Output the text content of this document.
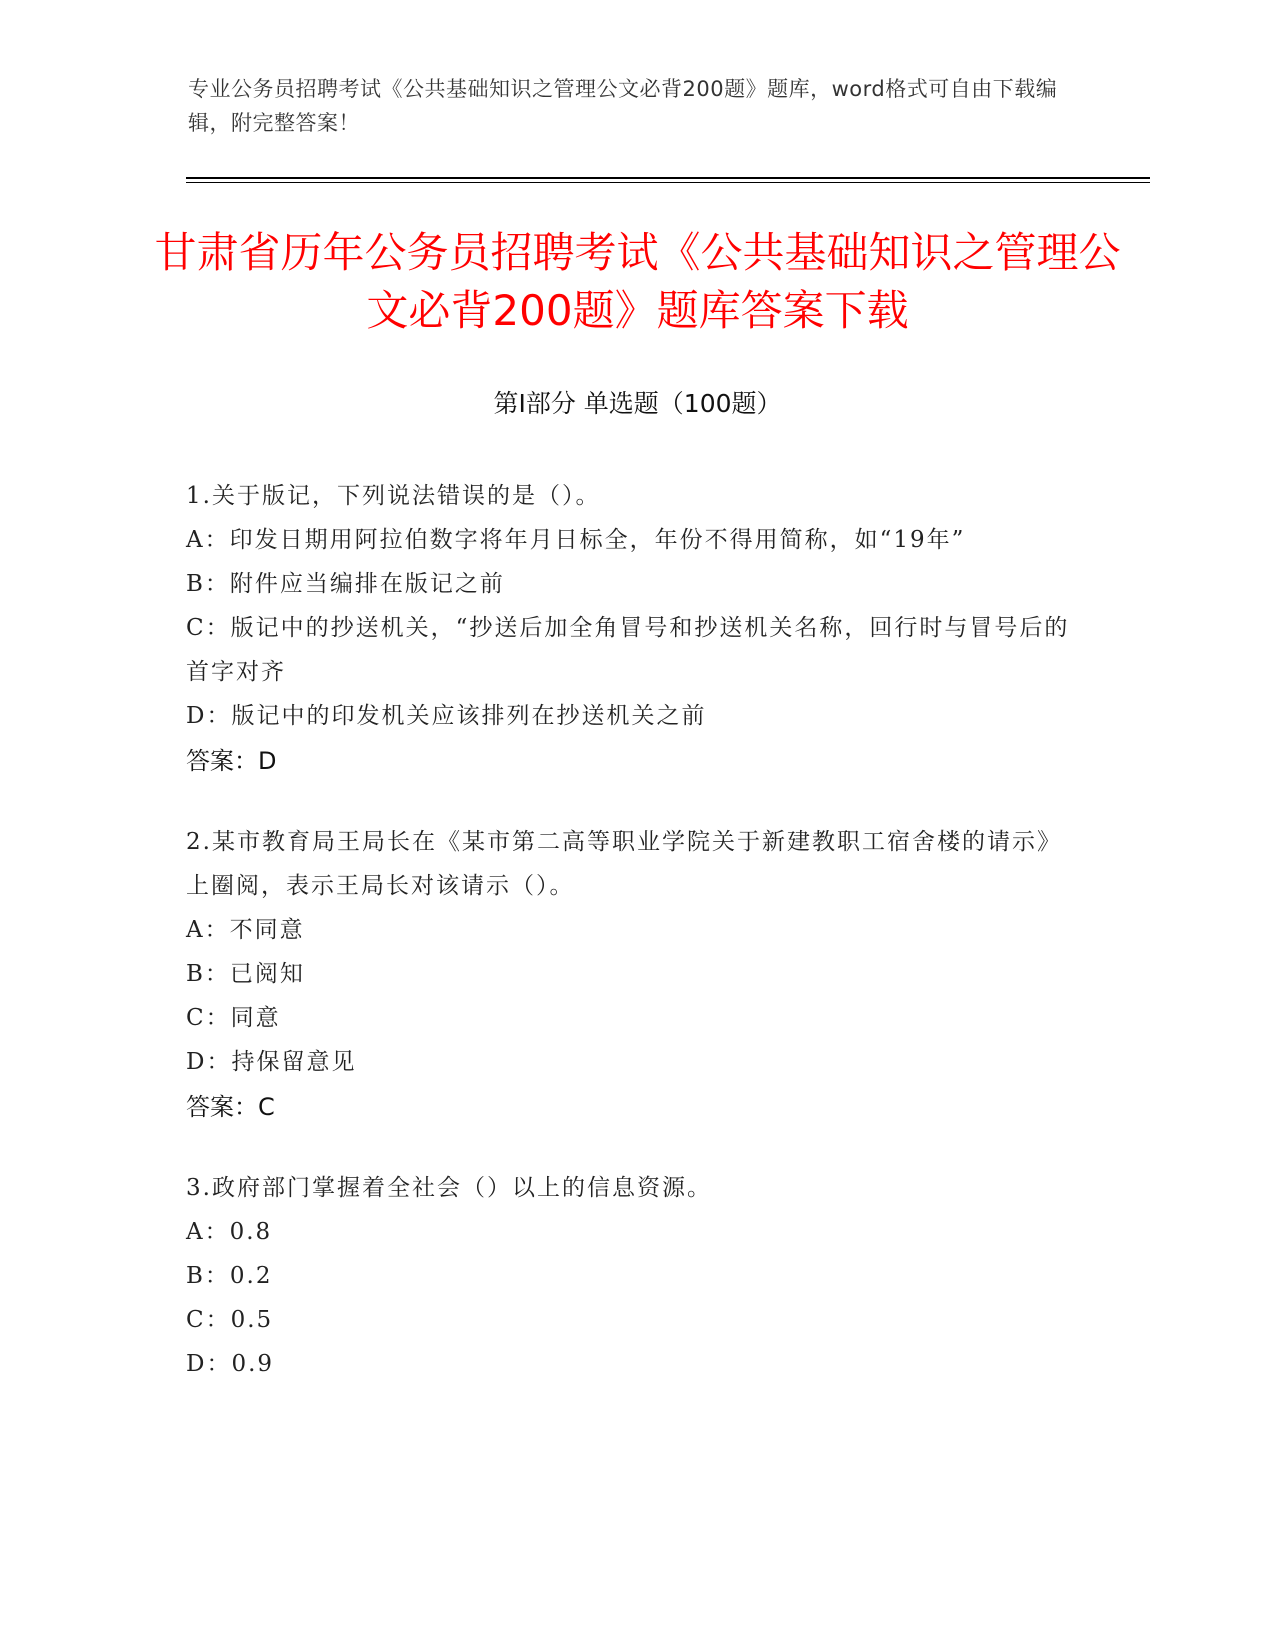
专业公务员招聘考试《公共基础知识之管理公文必背200题》题库，word格式可自由下载编辑，附完整答案！
甘肃省历年公务员招聘考试《公共基础知识之管理公文必背200题》题库答案下载
第Ⅰ部分 单选题（100题）

1.关于版记，下列说法错误的是（）。

A：印发日期用阿拉伯数字将年月日标全，年份不得用简称，如“19年”

B：附件应当编排在版记之前

C：版记中的抄送机关，“抄送后加全角冒号和抄送机关名称，回行时与冒号后的首字对齐

D：版记中的印发机关应该排列在抄送机关之前

答案：D

2.某市教育局王局长在《某市第二高等职业学院关于新建教职工宿舍楼的请示》上圈阅，表示王局长对该请示（）。

A：不同意

B：已阅知

C：同意

D：持保留意见

答案：C

3.政府部门掌握着全社会（）以上的信息资源。

A：0.8

B：0.2

C：0.5

D：0.9
